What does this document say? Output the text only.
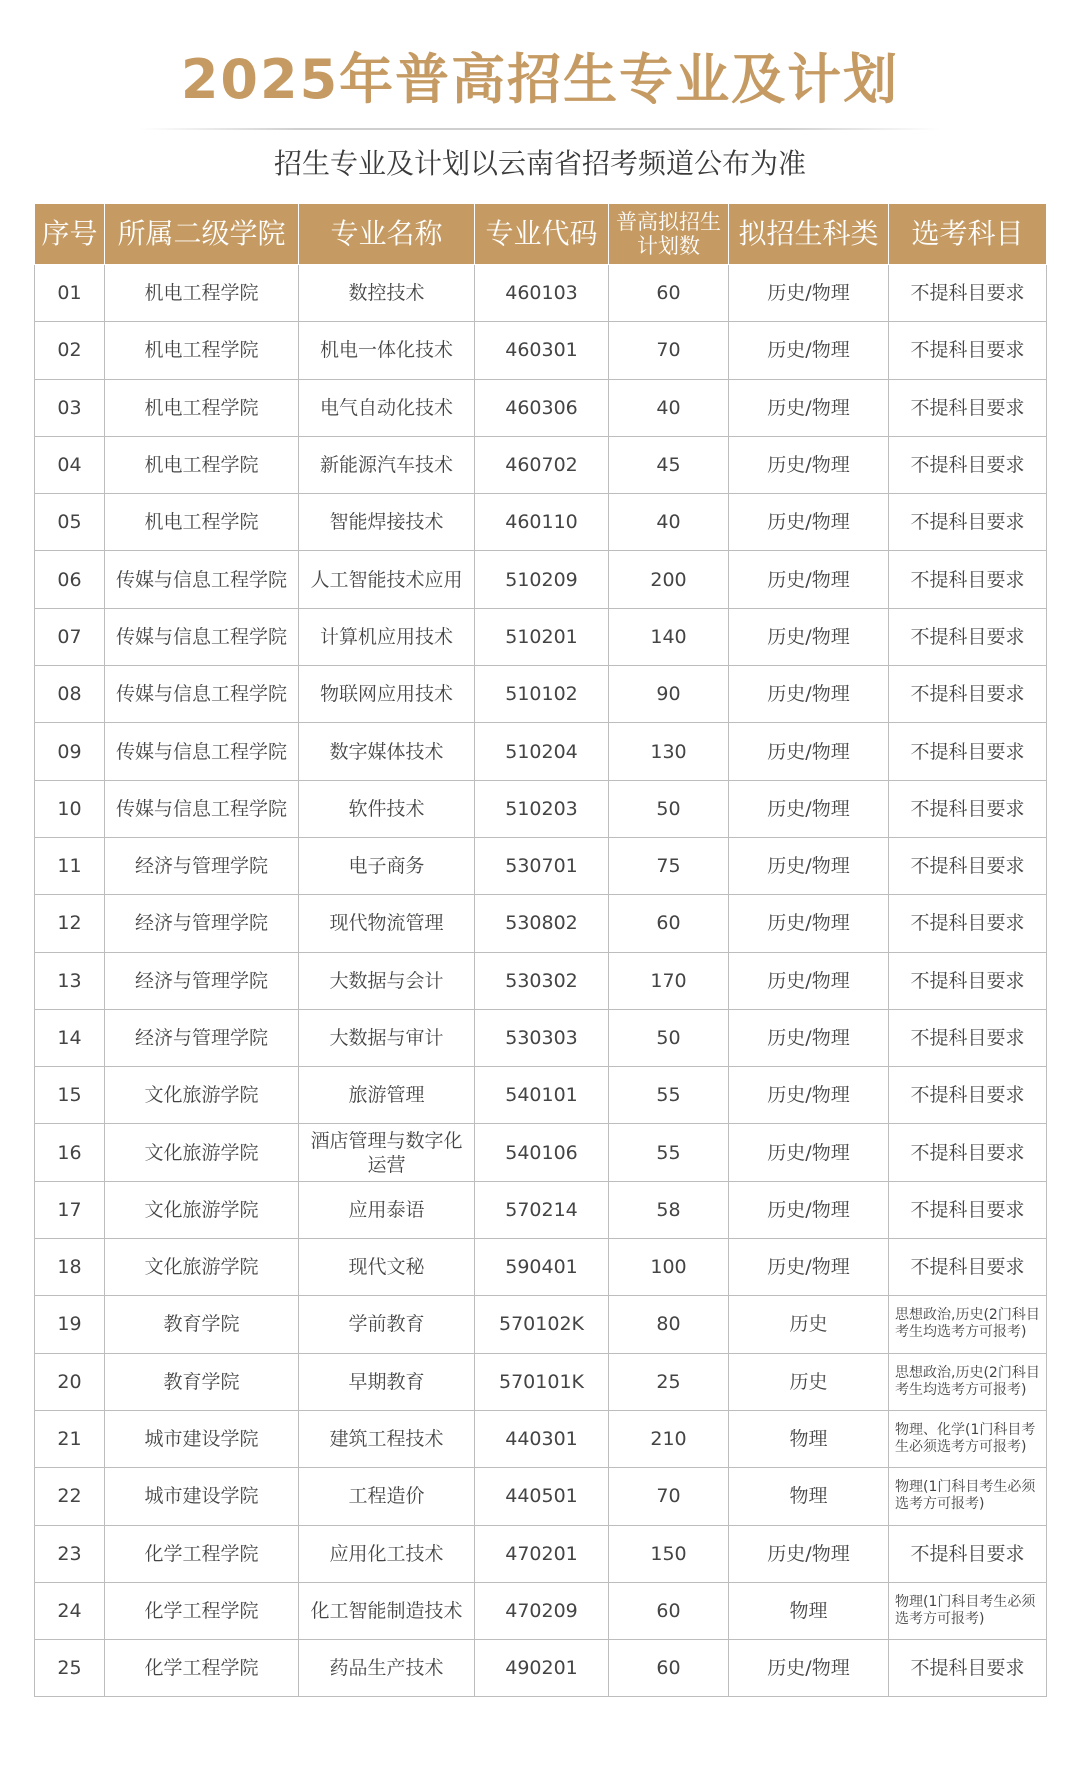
2025年普高招生专业及计划
招生专业及计划以云南省招考频道公布为准
序号	所属二级学院	专业名称	专业代码	普高拟招生计划数	拟招生科类	选考科目
01	机电工程学院	数控技术	460103	60	历史/物理	不提科目要求
02	机电工程学院	机电一体化技术	460301	70	历史/物理	不提科目要求
03	机电工程学院	电气自动化技术	460306	40	历史/物理	不提科目要求
04	机电工程学院	新能源汽车技术	460702	45	历史/物理	不提科目要求
05	机电工程学院	智能焊接技术	460110	40	历史/物理	不提科目要求
06	传媒与信息工程学院	人工智能技术应用	510209	200	历史/物理	不提科目要求
07	传媒与信息工程学院	计算机应用技术	510201	140	历史/物理	不提科目要求
08	传媒与信息工程学院	物联网应用技术	510102	90	历史/物理	不提科目要求
09	传媒与信息工程学院	数字媒体技术	510204	130	历史/物理	不提科目要求
10	传媒与信息工程学院	软件技术	510203	50	历史/物理	不提科目要求
11	经济与管理学院	电子商务	530701	75	历史/物理	不提科目要求
12	经济与管理学院	现代物流管理	530802	60	历史/物理	不提科目要求
13	经济与管理学院	大数据与会计	530302	170	历史/物理	不提科目要求
14	经济与管理学院	大数据与审计	530303	50	历史/物理	不提科目要求
15	文化旅游学院	旅游管理	540101	55	历史/物理	不提科目要求
16	文化旅游学院	酒店管理与数字化运营	540106	55	历史/物理	不提科目要求
17	文化旅游学院	应用泰语	570214	58	历史/物理	不提科目要求
18	文化旅游学院	现代文秘	590401	100	历史/物理	不提科目要求
19	教育学院	学前教育	570102K	80	历史	思想政治,历史(2门科目考生均选考方可报考)
20	教育学院	早期教育	570101K	25	历史	思想政治,历史(2门科目考生均选考方可报考)
21	城市建设学院	建筑工程技术	440301	210	物理	物理、化学(1门科目考生必须选考方可报考)
22	城市建设学院	工程造价	440501	70	物理	物理(1门科目考生必须选考方可报考)
23	化学工程学院	应用化工技术	470201	150	历史/物理	不提科目要求
24	化学工程学院	化工智能制造技术	470209	60	物理	物理(1门科目考生必须选考方可报考)
25	化学工程学院	药品生产技术	490201	60	历史/物理	不提科目要求
